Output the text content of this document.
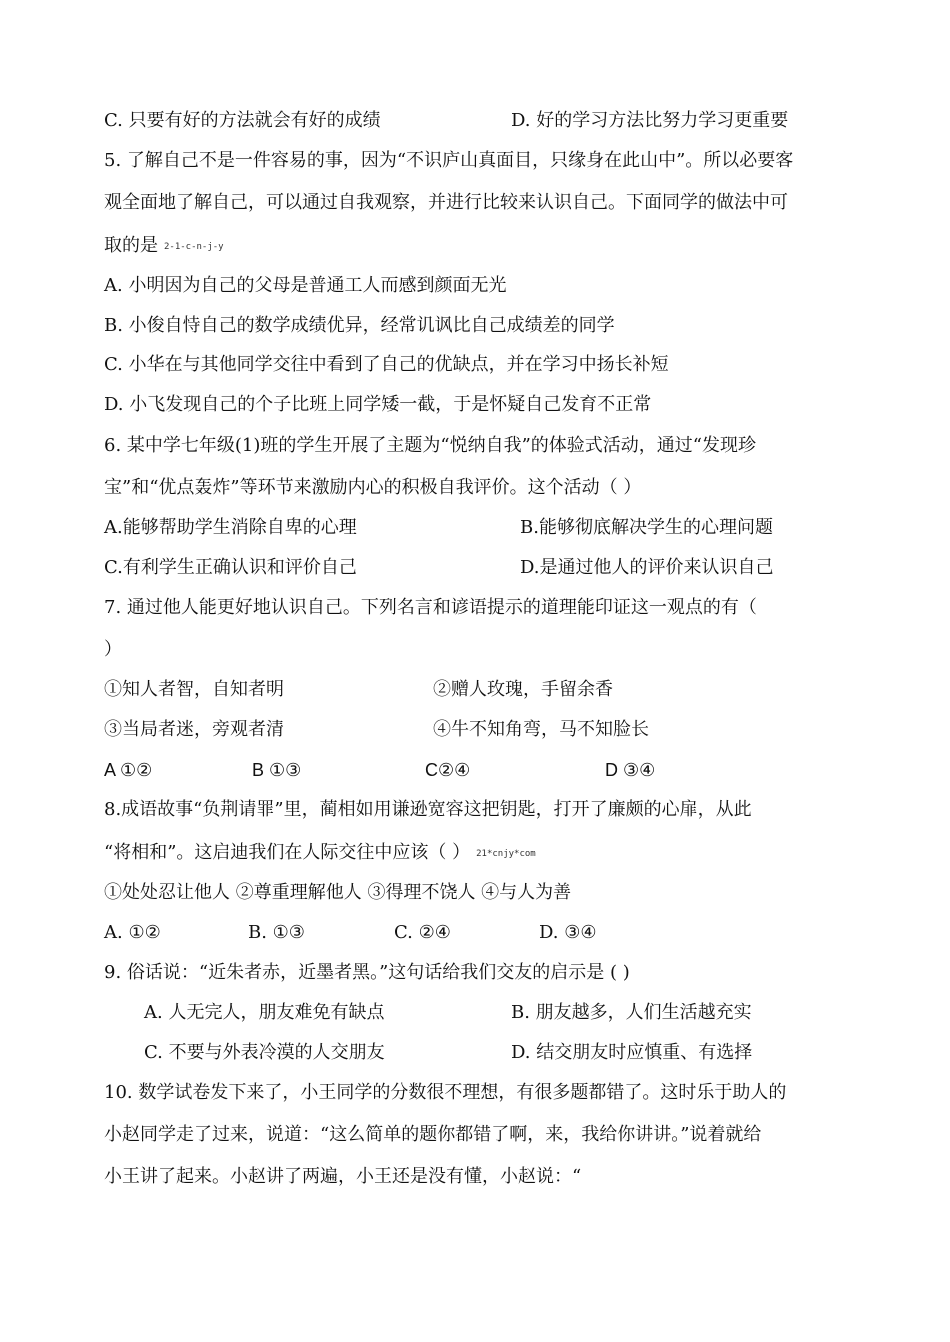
C. 只要有好的方法就会有好的成绩	D. 好的学习方法比努力学习更重要
5. 了解自己不是一件容易的事，因为“不识庐山真面目，只缘身在此山中”。所以必要客
观全面地了解自己，可以通过自我观察，并进行比较来认识自己。下面同学的做法中可
取的是 2-1-c-n-j-y
A. 小明因为自己的父母是普通工人而感到颜面无光
B. 小俊自恃自己的数学成绩优异，经常讥讽比自己成绩差的同学
C. 小华在与其他同学交往中看到了自己的优缺点，并在学习中扬长补短
D. 小飞发现自己的个子比班上同学矮一截，于是怀疑自己发育不正常
6. 某中学七年级(1)班的学生开展了主题为“悦纳自我”的体验式活动，通过“发现珍
宝”和“优点轰炸”等环节来激励内心的积极自我评价。这个活动（ ）
A.能够帮助学生消除自卑的心理	B.能够彻底解决学生的心理问题
C.有利学生正确认识和评价自己	D.是通过他人的评价来认识自己
7. 通过他人能更好地认识自己。下列名言和谚语提示的道理能印证这一观点的有（
）
①知人者智，自知者明	②赠人玫瑰，手留余香
③当局者迷，旁观者清	④牛不知角弯，马不知脸长
A ①②	B ①③	C②④	D ③④
8.成语故事“负荆请罪”里，蔺相如用谦逊宽容这把钥匙，打开了廉颇的心扉，从此
“将相和”。这启迪我们在人际交往中应该（ ） 21*cnjy*com
①处处忍让他人 ②尊重理解他人 ③得理不饶人 ④与人为善
A. ①②	B. ①③	C. ②④	D. ③④
9. 俗话说：“近朱者赤，近墨者黑。”这句话给我们交友的启示是 ( )
A. 人无完人，朋友难免有缺点	B. 朋友越多，人们生活越充实
C. 不要与外表冷漠的人交朋友	D. 结交朋友时应慎重、有选择
10. 数学试卷发下来了，小王同学的分数很不理想，有很多题都错了。这时乐于助人的
小赵同学走了过来，说道：“这么简单的题你都错了啊，来，我给你讲讲。”说着就给
小王讲了起来。小赵讲了两遍，小王还是没有懂，小赵说：“
